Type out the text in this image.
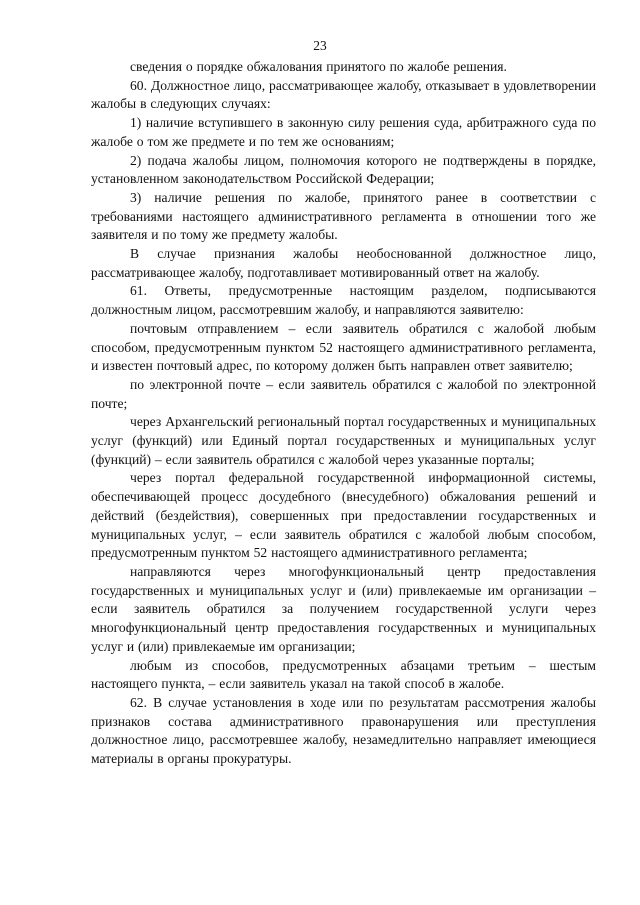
23

сведения о порядке обжалования принятого по жалобе решения.

60. Должностное лицо, рассматривающее жалобу, отказывает в удовлетворении жалобы в следующих случаях:

1) наличие вступившего в законную силу решения суда, арбитражного суда по жалобе о том же предмете и по тем же основаниям;

2) подача жалобы лицом, полномочия которого не подтверждены в порядке, установленном законодательством Российской Федерации;

3) наличие решения по жалобе, принятого ранее в соответствии с требованиями настоящего административного регламента в отношении того же заявителя и по тому же предмету жалобы.

В случае признания жалобы необоснованной должностное лицо, рассматривающее жалобу, подготавливает мотивированный ответ на жалобу.

61. Ответы, предусмотренные настоящим разделом, подписываются должностным лицом, рассмотревшим жалобу, и направляются заявителю:

почтовым отправлением – если заявитель обратился с жалобой любым способом, предусмотренным пунктом 52 настоящего административного регламента, и известен почтовый адрес, по которому должен быть направлен ответ заявителю;

по электронной почте – если заявитель обратился с жалобой по электронной почте;

через Архангельский региональный портал государственных и муниципальных услуг (функций) или Единый портал государственных и муниципальных услуг (функций) – если заявитель обратился с жалобой через указанные порталы;

через портал федеральной государственной информационной системы, обеспечивающей процесс досудебного (внесудебного) обжалования решений и действий (бездействия), совершенных при предоставлении государственных и муниципальных услуг, – если заявитель обратился с жалобой любым способом, предусмотренным пунктом 52 настоящего административного регламента;

направляются через многофункциональный центр предоставления государственных и муниципальных услуг и (или) привлекаемые им организации – если заявитель обратился за получением государственной услуги через многофункциональный центр предоставления государственных и муниципальных услуг и (или) привлекаемые им организации;

любым из способов, предусмотренных абзацами третьим – шестым настоящего пункта, – если заявитель указал на такой способ в жалобе.

62. В случае установления в ходе или по результатам рассмотрения жалобы признаков состава административного правонарушения или преступления должностное лицо, рассмотревшее жалобу, незамедлительно направляет имеющиеся материалы в органы прокуратуры.
